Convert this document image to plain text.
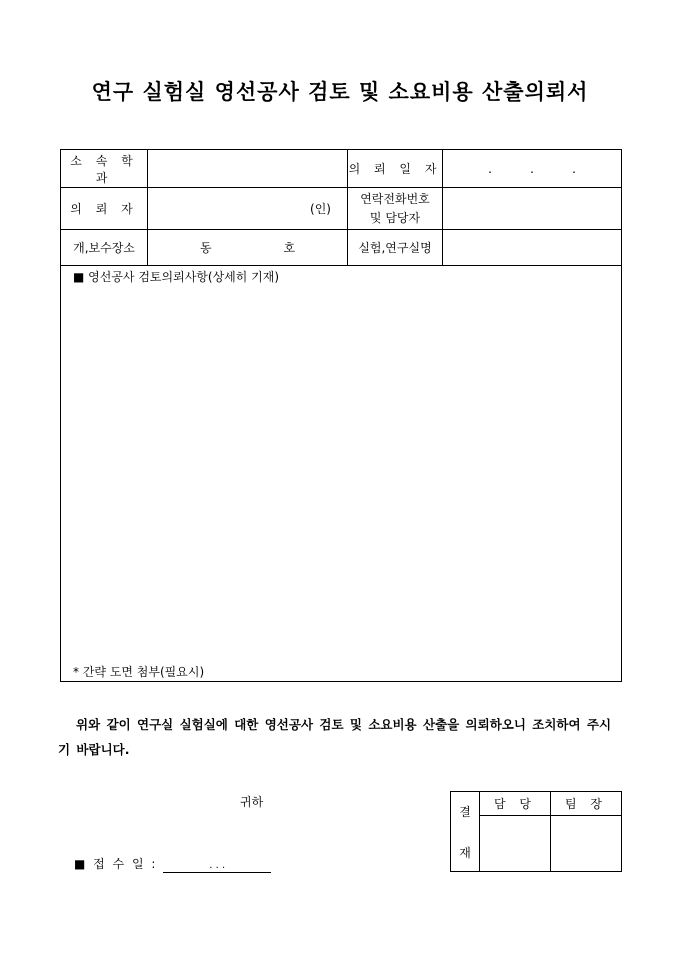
연구 실험실 영선공사 검토 및 소요비용 산출의뢰서
소 속 학 과		의 뢰 일 자	. . .

의 뢰 자	(인)	연락전화번호
및 담당자	

개,보수장소	동 호	실험,연구실명	

■ 영선공사 검토의뢰사항(상세히 기재)
* 간략 도면 첨부(필요시)			
위와 같이 연구실 실험실에 대한 영선공사 검토 및 소요비용 산출을 의뢰하오니 조치하여 주시기 바랍니다.
귀하
■ 접 수 일 :	. . .
결
재	담 당	팀 장
